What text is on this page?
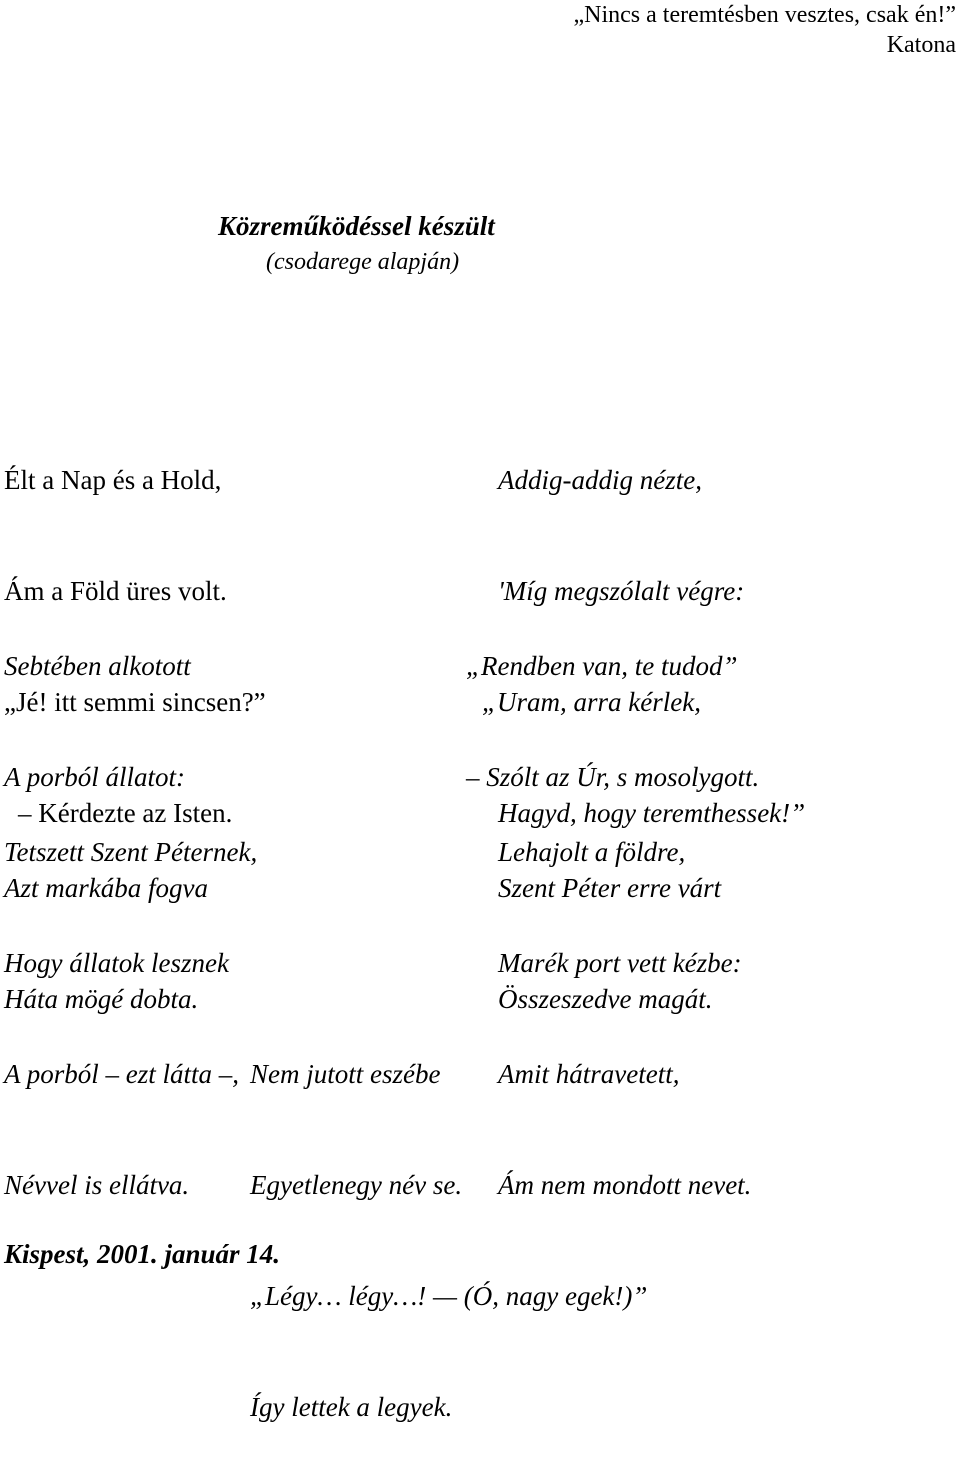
„Nincs a teremtésben vesztes, csak én!”
Katona
Közreműködéssel készült
(csodarege alapján)

Élt a Nap és a Hold,

Ám a Föld üres volt.

„Jé! itt semmi sincsen?”

– Kérdezte az Isten.

Sebtében alkotott

A porból állatot:

Azt markába fogva

Háta mögé dobta.

Tetszett Szent Péternek,

Hogy állatok lesznek

A porból – ezt látta –,

Névvel is ellátva.

Addig-addig nézte,

'Míg megszólalt végre:

„Uram, arra kérlek,

Hagyd, hogy teremthessek!”

„Rendben van, te tudod”

– Szólt az Úr, s mosolygott.

Szent Péter erre várt

Összeszedve magát.

Lehajolt a földre,

Marék port vett kézbe:

Amit hátravetett,

Ám nem mondott nevet.

Nem jutott eszébe

Egyetlenegy név se.

„Légy… légy…! — (Ó, nagy egek!)”

Így lettek a legyek.

Kispest, 2001. január 14.
